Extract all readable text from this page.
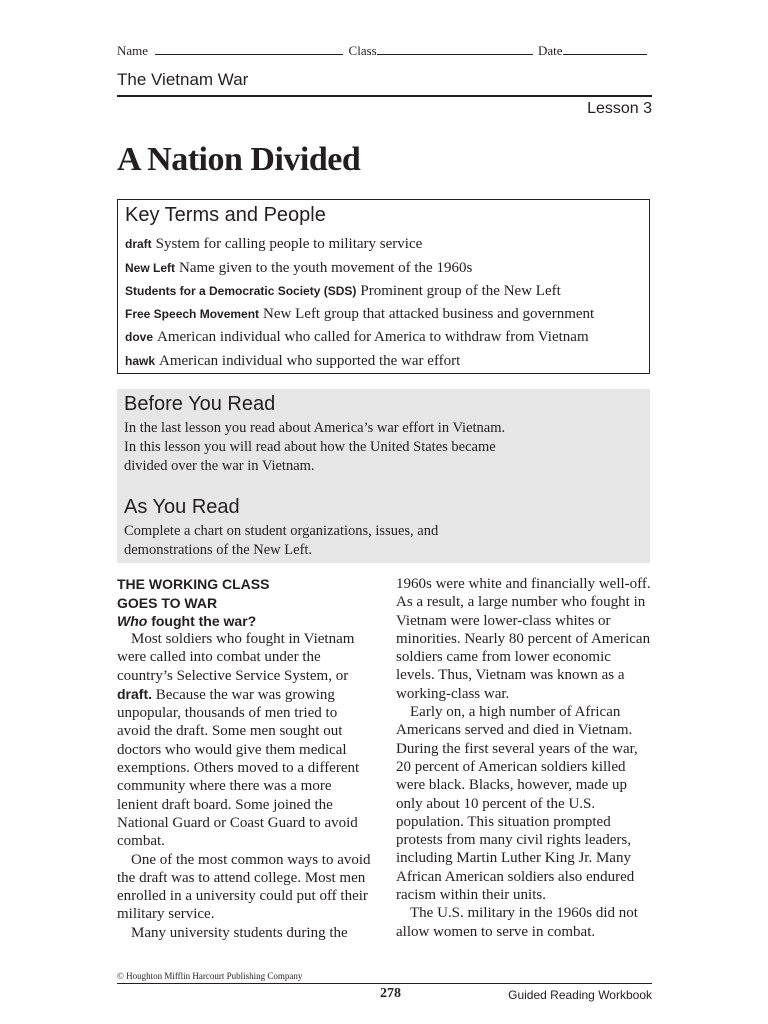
Name	Class	Date
The Vietnam War
Lesson 3
A Nation Divided
Key Terms and People
draft System for calling people to military service
New Left Name given to the youth movement of the 1960s
Students for a Democratic Society (SDS) Prominent group of the New Left
Free Speech Movement New Left group that attacked business and government
dove American individual who called for America to withdraw from Vietnam
hawk American individual who supported the war effort
Before You Read
In the last lesson you read about America’s war effort in Vietnam.
In this lesson you will read about how the United States became
divided over the war in Vietnam.
As You Read
Complete a chart on student organizations, issues, and
demonstrations of the New Left.
THE WORKING CLASS
GOES TO WAR
Who fought the war?

Most soldiers who fought in Vietnam were called into combat under the country’s Selective Service System, or draft. Because the war was growing unpopular, thousands of men tried to avoid the draft. Some men sought out doctors who would give them medical exemptions. Others moved to a different community where there was a more lenient draft board. Some joined the National Guard or Coast Guard to avoid combat.

One of the most common ways to avoid the draft was to attend college. Most men enrolled in a university could put off their military service.

Many university students during the

1960s were white and financially well-off. As a result, a large number who fought in Vietnam were lower-class whites or minorities. Nearly 80 percent of American soldiers came from lower economic levels. Thus, Vietnam was known as a working-class war.

Early on, a high number of African Americans served and died in Vietnam. During the first several years of the war, 20 percent of American soldiers killed were black. Blacks, however, made up only about 10 percent of the U.S. population. This situation prompted protests from many civil rights leaders, including Martin Luther King Jr. Many African American soldiers also endured racism within their units.

The U.S. military in the 1960s did not allow women to serve in combat.

© Houghton Mifflin Harcourt Publishing Company
278	Guided Reading Workbook
